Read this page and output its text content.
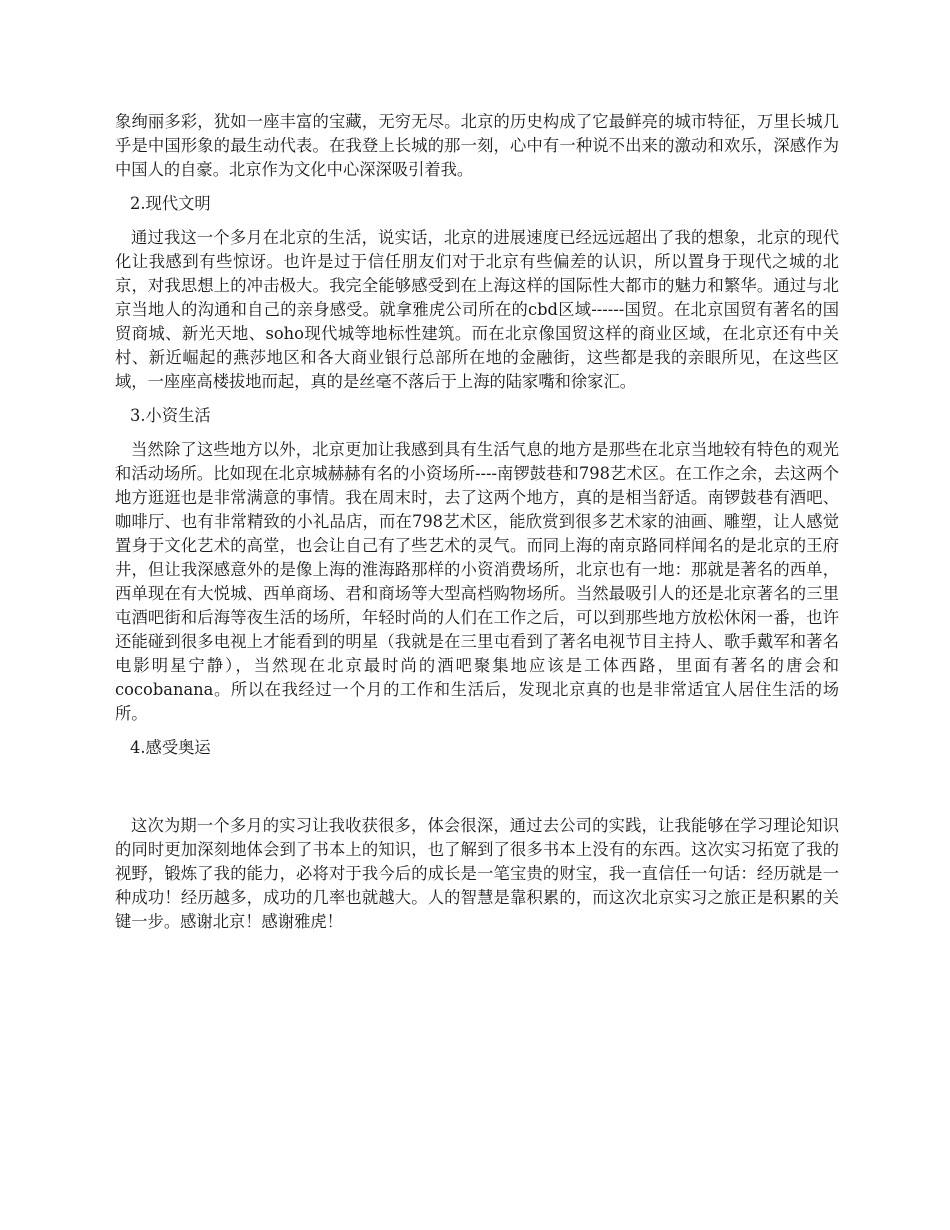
象绚丽多彩，犹如一座丰富的宝藏，无穷无尽。北京的历史构成了它最鲜亮的城市特征，万里长城几乎是中国形象的最生动代表。在我登上长城的那一刻，心中有一种说不出来的激动和欢乐，深感作为中国人的自豪。北京作为文化中心深深吸引着我。

2.现代文明

通过我这一个多月在北京的生活，说实话，北京的进展速度已经远远超出了我的想象，北京的现代化让我感到有些惊讶。也许是过于信任朋友们对于北京有些偏差的认识，所以置身于现代之城的北京，对我思想上的冲击极大。我完全能够感受到在上海这样的国际性大都市的魅力和繁华。通过与北京当地人的沟通和自己的亲身感受。就拿雅虎公司所在的cbd区域------国贸。在北京国贸有著名的国贸商城、新光天地、soho现代城等地标性建筑。而在北京像国贸这样的商业区域，在北京还有中关村、新近崛起的燕莎地区和各大商业银行总部所在地的金融街，这些都是我的亲眼所见，在这些区域，一座座高楼拔地而起，真的是丝毫不落后于上海的陆家嘴和徐家汇。

3.小资生活

当然除了这些地方以外，北京更加让我感到具有生活气息的地方是那些在北京当地较有特色的观光和活动场所。比如现在北京城赫赫有名的小资场所----南锣鼓巷和798艺术区。在工作之余，去这两个地方逛逛也是非常满意的事情。我在周末时，去了这两个地方，真的是相当舒适。南锣鼓巷有酒吧、咖啡厅、也有非常精致的小礼品店，而在798艺术区，能欣赏到很多艺术家的油画、雕塑，让人感觉置身于文化艺术的高堂，也会让自己有了些艺术的灵气。而同上海的南京路同样闻名的是北京的王府井，但让我深感意外的是像上海的淮海路那样的小资消费场所，北京也有一地：那就是著名的西单，西单现在有大悦城、西单商场、君和商场等大型高档购物场所。当然最吸引人的还是北京著名的三里屯酒吧街和后海等夜生活的场所，年轻时尚的人们在工作之后，可以到那些地方放松休闲一番，也许还能碰到很多电视上才能看到的明星（我就是在三里屯看到了著名电视节目主持人、歌手戴军和著名电影明星宁静），当然现在北京最时尚的酒吧聚集地应该是工体西路，里面有著名的唐会和cocobanana。所以在我经过一个月的工作和生活后，发现北京真的也是非常适宜人居住生活的场所。

4.感受奥运

这次为期一个多月的实习让我收获很多，体会很深，通过去公司的实践，让我能够在学习理论知识的同时更加深刻地体会到了书本上的知识，也了解到了很多书本上没有的东西。这次实习拓宽了我的视野，锻炼了我的能力，必将对于我今后的成长是一笔宝贵的财宝，我一直信任一句话：经历就是一种成功！经历越多，成功的几率也就越大。人的智慧是靠积累的，而这次北京实习之旅正是积累的关键一步。感谢北京！感谢雅虎！
